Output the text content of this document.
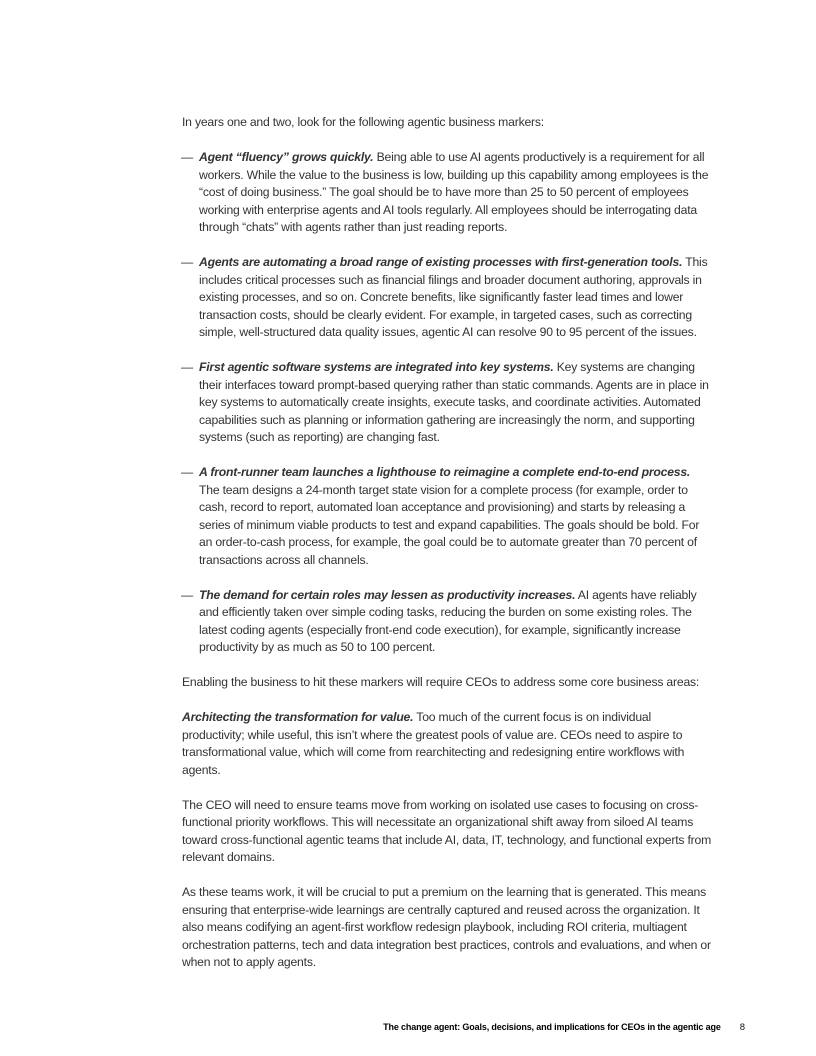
In years one and two, look for the following agentic business markers:

— Agent “fluency” grows quickly. Being able to use AI agents productively is a requirement for all workers. While the value to the business is low, building up this capability among employees is the “cost of doing business.” The goal should be to have more than 25 to 50 percent of employees working with enterprise agents and AI tools regularly. All employees should be interrogating data through “chats” with agents rather than just reading reports.

— Agents are automating a broad range of existing processes with first-generation tools. This includes critical processes such as financial filings and broader document authoring, approvals in existing processes, and so on. Concrete benefits, like significantly faster lead times and lower transaction costs, should be clearly evident. For example, in targeted cases, such as correcting simple, well-structured data quality issues, agentic AI can resolve 90 to 95 percent of the issues.

— First agentic software systems are integrated into key systems. Key systems are changing their interfaces toward prompt-based querying rather than static commands. Agents are in place in key systems to automatically create insights, execute tasks, and coordinate activities. Automated capabilities such as planning or information gathering are increasingly the norm, and supporting systems (such as reporting) are changing fast.

— A front-runner team launches a lighthouse to reimagine a complete end-to-end process. The team designs a 24-month target state vision for a complete process (for example, order to cash, record to report, automated loan acceptance and provisioning) and starts by releasing a series of minimum viable products to test and expand capabilities. The goals should be bold. For an order-to-cash process, for example, the goal could be to automate greater than 70 percent of transactions across all channels.

— The demand for certain roles may lessen as productivity increases. AI agents have reliably and efficiently taken over simple coding tasks, reducing the burden on some existing roles. The latest coding agents (especially front-end code execution), for example, significantly increase productivity by as much as 50 to 100 percent.

Enabling the business to hit these markers will require CEOs to address some core business areas:

Architecting the transformation for value. Too much of the current focus is on individual productivity; while useful, this isn’t where the greatest pools of value are. CEOs need to aspire to transformational value, which will come from rearchitecting and redesigning entire workflows with agents.

The CEO will need to ensure teams move from working on isolated use cases to focusing on cross-functional priority workflows. This will necessitate an organizational shift away from siloed AI teams toward cross-functional agentic teams that include AI, data, IT, technology, and functional experts from relevant domains.

As these teams work, it will be crucial to put a premium on the learning that is generated. This means ensuring that enterprise-wide learnings are centrally captured and reused across the organization. It also means codifying an agent-first workflow redesign playbook, including ROI criteria, multiagent orchestration patterns, tech and data integration best practices, controls and evaluations, and when or when not to apply agents.

The change agent: Goals, decisions, and implications for CEOs in the agentic age 8
